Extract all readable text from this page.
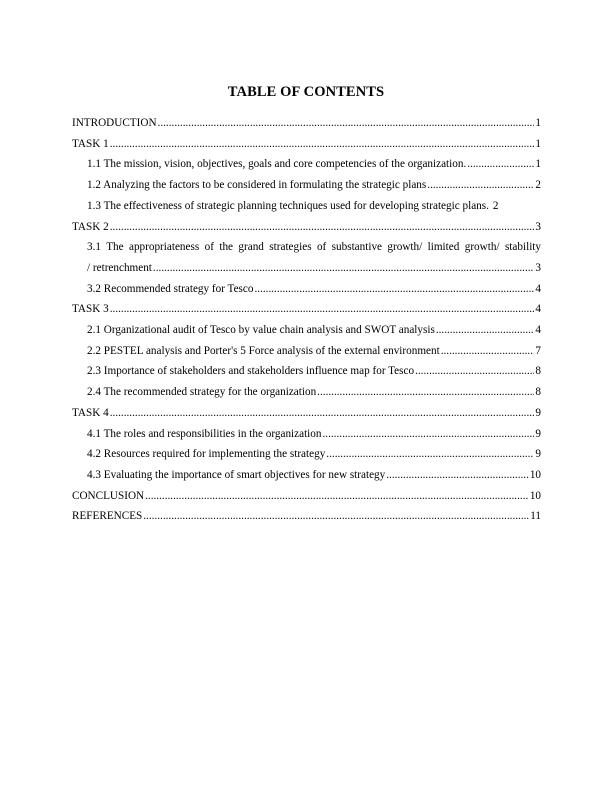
TABLE OF CONTENTS
INTRODUCTION .....	1
TASK 1 .....	1
1.1 The mission, vision, objectives, goals and core competencies of the organization. .....	1
1.2 Analyzing the factors to be considered in formulating the strategic plans .....	2
1.3 The effectiveness of strategic planning techniques used for developing strategic plans. 2
TASK 2 .....	3
3.1 The appropriateness of the grand strategies of substantive growth/ limited growth/ stability
/ retrenchment .....	3
3.2 Recommended strategy for Tesco .....	4
TASK 3 .....	4
2.1 Organizational audit of Tesco by value chain analysis and SWOT analysis .....	4
2.2 PESTEL analysis and Porter's 5 Force analysis of the external environment .....	7
2.3 Importance of stakeholders and stakeholders influence map for Tesco .....	8
2.4 The recommended strategy for the organization .....	8
TASK 4 .....	9
4.1 The roles and responsibilities in the organization .....	9
4.2 Resources required for implementing the strategy .....	9
4.3 Evaluating the importance of smart objectives for new strategy .....	10
CONCLUSION .....	10
REFERENCES .....	11
